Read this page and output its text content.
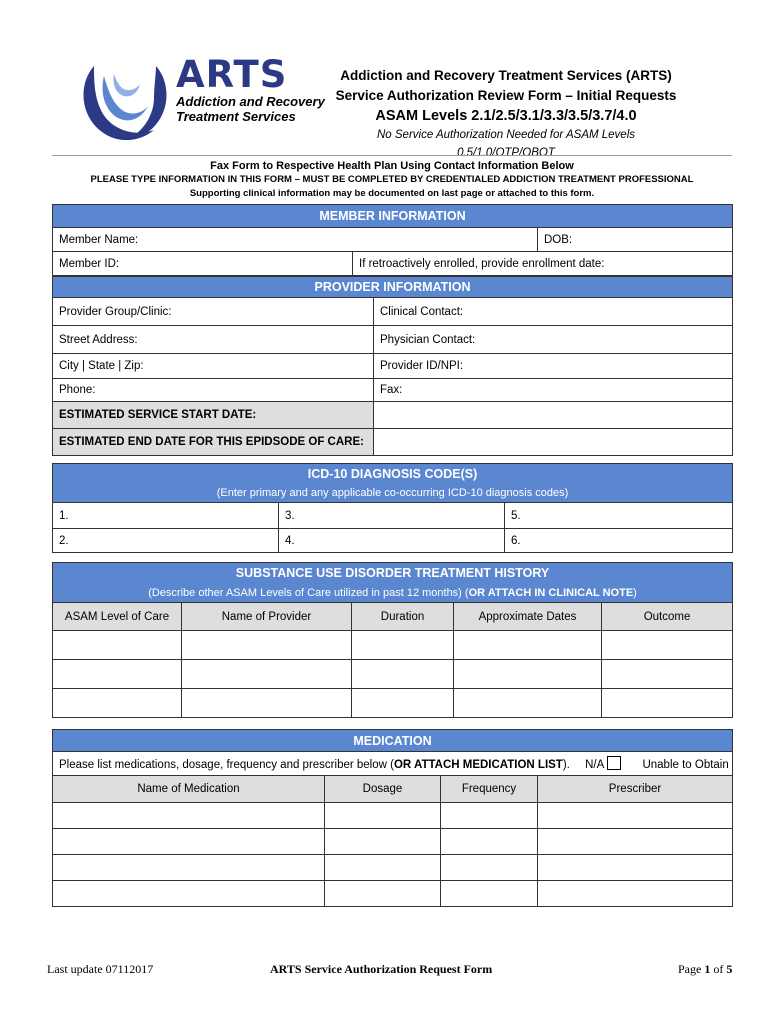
ARTS
Addiction and Recovery
Treatment Services
Addiction and Recovery Treatment Services (ARTS)
Service Authorization Review Form – Initial Requests
ASAM Levels 2.1/2.5/3.1/3.3/3.5/3.7/4.0
No Service Authorization Needed for ASAM Levels 0.5/1.0/OTP/OBOT
Fax Form to Respective Health Plan Using Contact Information Below
PLEASE TYPE INFORMATION IN THIS FORM – MUST BE COMPLETED BY CREDENTIALED ADDICTION TREATMENT PROFESSIONAL
Supporting clinical information may be documented on last page or attached to this form.
MEMBER INFORMATION		
Member Name:		DOB:
Member ID:	If retroactively enrolled, provide enrollment date:	
PROVIDER INFORMATION	
Provider Group/Clinic:	Clinical Contact:
Street Address:	Physician Contact:
City | State | Zip:	Provider ID/NPI:
Phone:	Fax:
ESTIMATED SERVICE START DATE:	
ESTIMATED END DATE FOR THIS EPIDSODE OF CARE:	
ICD-10 DIAGNOSIS CODE(S)		
(Enter primary and any applicable co-occurring ICD-10 diagnosis codes)		
1.	3.	5.
2.	4.	6.
SUBSTANCE USE DISORDER TREATMENT HISTORY				
(Describe other ASAM Levels of Care utilized in past 12 months) (OR ATTACH IN CLINICAL NOTE)				
ASAM Level of Care	Name of Provider	Duration	Approximate Dates	Outcome

MEDICATION			
Please list medications, dosage, frequency and prescriber below (OR ATTACH MEDICATION LIST). N/A Unable to Obtain			
Name of Medication	Dosage	Frequency	Prescriber

Last update 07112017	ARTS Service Authorization Request Form	Page 1 of 5
